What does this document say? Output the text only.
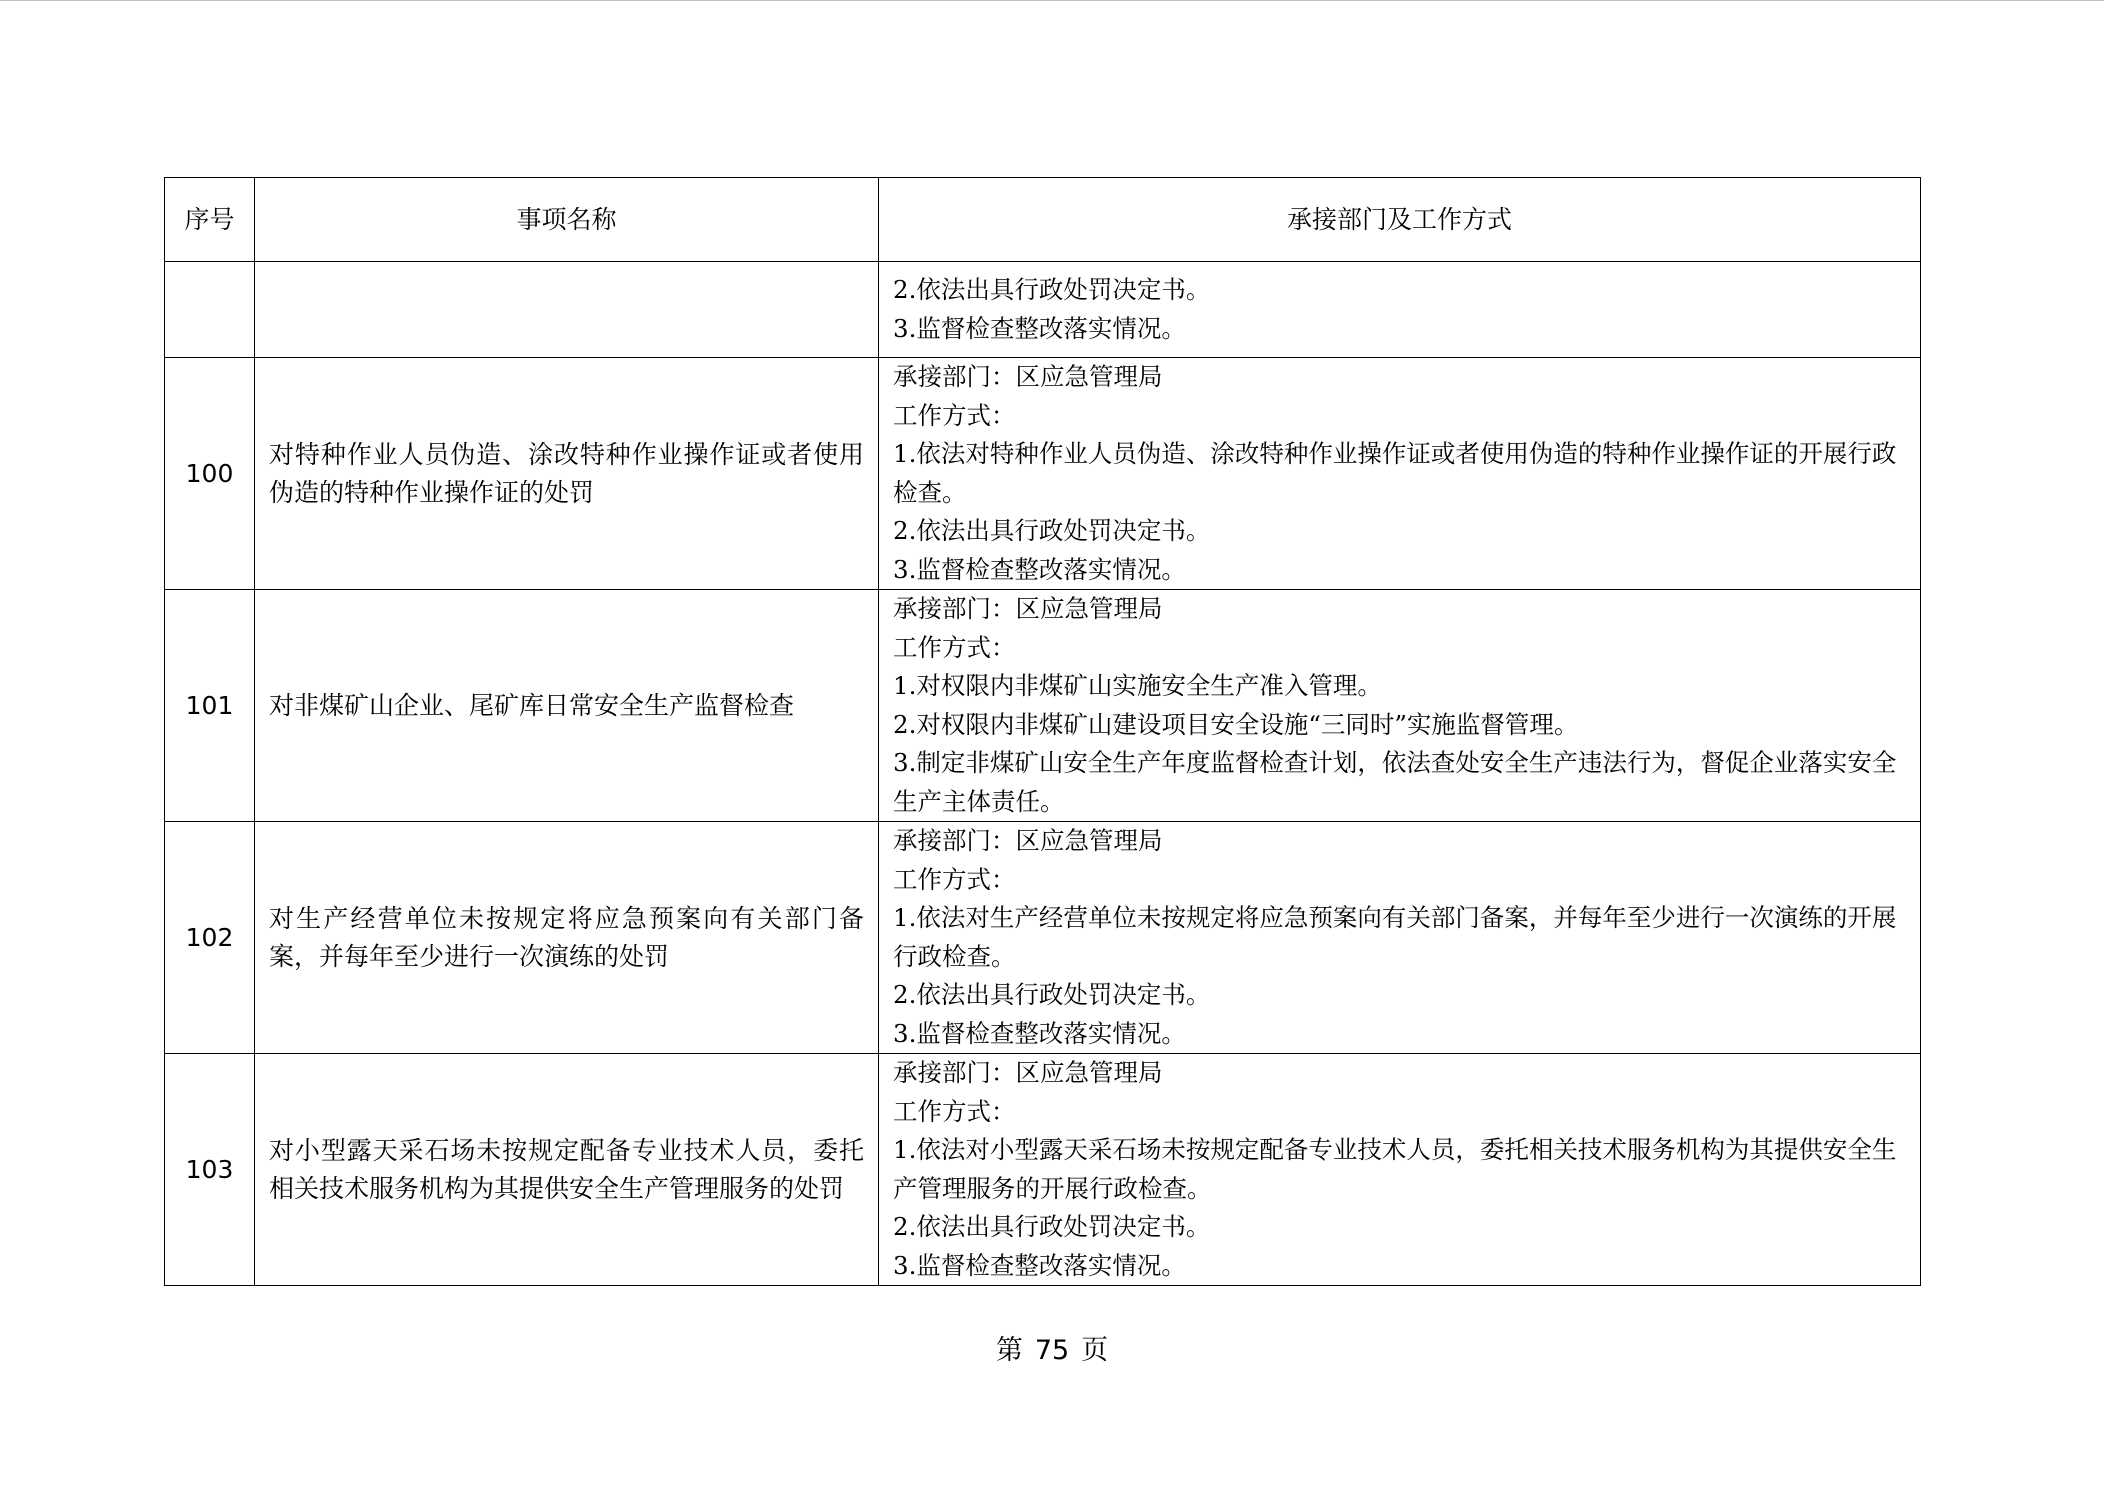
序号	事项名称	承接部门及工作方式

		2.依法出具行政处罚决定书。
3.监督检查整改落实情况。

100	对特种作业人员伪造、涂改特种作业操作证或者使用伪造的特种作业操作证的处罚	承接部门：区应急管理局
工作方式：
1.依法对特种作业人员伪造、涂改特种作业操作证或者使用伪造的特种作业操作证的开展行政检查。
2.依法出具行政处罚决定书。
3.监督检查整改落实情况。

101	对非煤矿山企业、尾矿库日常安全生产监督检查	承接部门：区应急管理局
工作方式：
1.对权限内非煤矿山实施安全生产准入管理。
2.对权限内非煤矿山建设项目安全设施“三同时”实施监督管理。
3.制定非煤矿山安全生产年度监督检查计划，依法查处安全生产违法行为，督促企业落实安全生产主体责任。

102	对生产经营单位未按规定将应急预案向有关部门备案，并每年至少进行一次演练的处罚	承接部门：区应急管理局
工作方式：
1.依法对生产经营单位未按规定将应急预案向有关部门备案，并每年至少进行一次演练的开展行政检查。
2.依法出具行政处罚决定书。
3.监督检查整改落实情况。

103	对小型露天采石场未按规定配备专业技术人员，委托相关技术服务机构为其提供安全生产管理服务的处罚	承接部门：区应急管理局
工作方式：
1.依法对小型露天采石场未按规定配备专业技术人员，委托相关技术服务机构为其提供安全生产管理服务的开展行政检查。
2.依法出具行政处罚决定书。
3.监督检查整改落实情况。
第 75 页
